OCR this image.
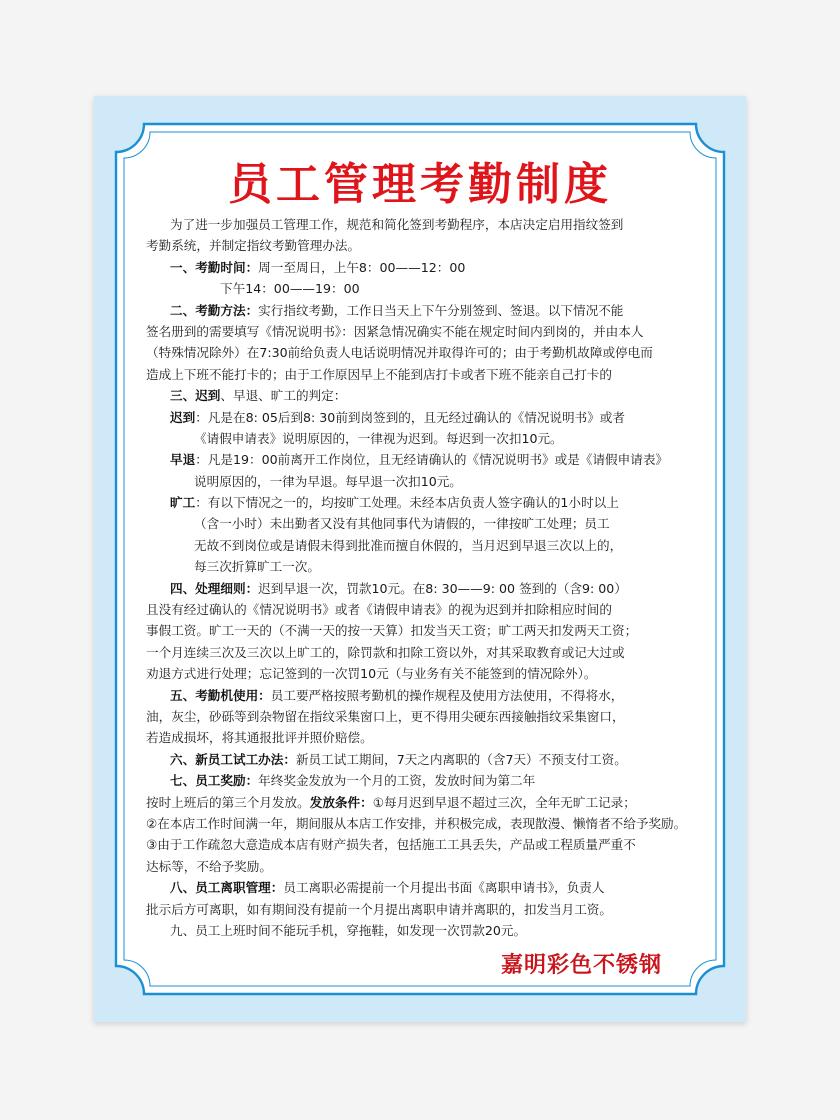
员工管理考勤制度
为了进一步加强员工管理工作，规范和简化签到考勤程序，本店决定启用指纹签到
考勤系统，并制定指纹考勤管理办法。
一、考勤时间：周一至周日，上午8：00——12：00
下午14：00——19：00
二、考勤方法：实行指纹考勤，工作日当天上下午分别签到、签退。以下情况不能
签名册到的需要填写《情况说明书》：因紧急情况确实不能在规定时间内到岗的，并由本人
（特殊情况除外）在7:30前给负责人电话说明情况并取得许可的；由于考勤机故障或停电而
造成上下班不能打卡的；由于工作原因早上不能到店打卡或者下班不能亲自己打卡的
三、迟到、早退、旷工的判定：
迟到：凡是在8: 05后到8: 30前到岗签到的，且无经过确认的《情况说明书》或者
《请假申请表》说明原因的，一律视为迟到。每迟到一次扣10元。
早退：凡是19：00前离开工作岗位，且无经请确认的《情况说明书》或是《请假申请表》
说明原因的，一律为早退。每早退一次扣10元。
旷工：有以下情况之一的，均按旷工处理。未经本店负责人签字确认的1小时以上
（含一小时）未出勤者又没有其他同事代为请假的，一律按旷工处理；员工
无故不到岗位或是请假未得到批准而擅自休假的，当月迟到早退三次以上的，
每三次折算旷工一次。
四、处理细则：迟到早退一次，罚款10元。在8: 30——9: 00 签到的（含9: 00）
且没有经过确认的《情况说明书》或者《请假申请表》的视为迟到并扣除相应时间的
事假工资。旷工一天的（不满一天的按一天算）扣发当天工资；旷工两天扣发两天工资；
一个月连续三次及三次以上旷工的，除罚款和扣除工资以外，对其采取教育或记大过或
劝退方式进行处理；忘记签到的一次罚10元（与业务有关不能签到的情况除外）。
五、考勤机使用：员工要严格按照考勤机的操作规程及使用方法使用，不得将水，
油，灰尘，砂砾等到杂物留在指纹采集窗口上，更不得用尖硬东西接触指纹采集窗口，
若造成损坏，将其通报批评并照价赔偿。
六、新员工试工办法：新员工试工期间，7天之内离职的（含7天）不预支付工资。
七、员工奖励：年终奖金发放为一个月的工资，发放时间为第二年
按时上班后的第三个月发放。发放条件：①每月迟到早退不超过三次，全年无旷工记录；
②在本店工作时间满一年，期间服从本店工作安排，并积极完成，表现散漫、懒惰者不给予奖励。
③由于工作疏忽大意造成本店有财产损失者，包括施工工具丢失，产品或工程质量严重不
达标等，不给予奖励。
八、员工离职管理：员工离职必需提前一个月提出书面《离职申请书》，负责人
批示后方可离职，如有期间没有提前一个月提出离职申请并离职的，扣发当月工资。
九、员工上班时间不能玩手机，穿拖鞋，如发现一次罚款20元。
嘉明彩色不锈钢
